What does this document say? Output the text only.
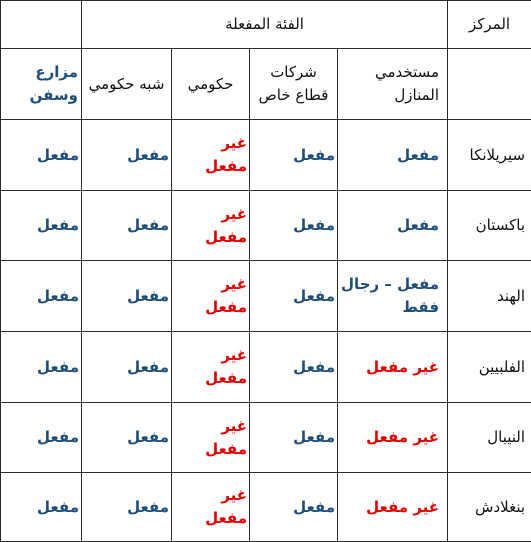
المركز	الفئة المفعلة				
	مستخدمي المنازل	شركات قطاع خاص	حكومي	شبه حكومي	مزارع وسفن
سيريلانكا	مفعل	مفعل	غير مفعل	مفعل	مفعل
باكستان	مفعل	مفعل	غير مفعل	مفعل	مفعل
الهند	مفعل – رجال فقط	مفعل	غير مفعل	مفعل	مفعل
الفلبيين	غير مفعل	مفعل	غير مفعل	مفعل	مفعل
النيبال	غير مفعل	مفعل	غير مفعل	مفعل	مفعل
بنغلادش	غير مفعل	مفعل	غير مفعل	مفعل	مفعل
